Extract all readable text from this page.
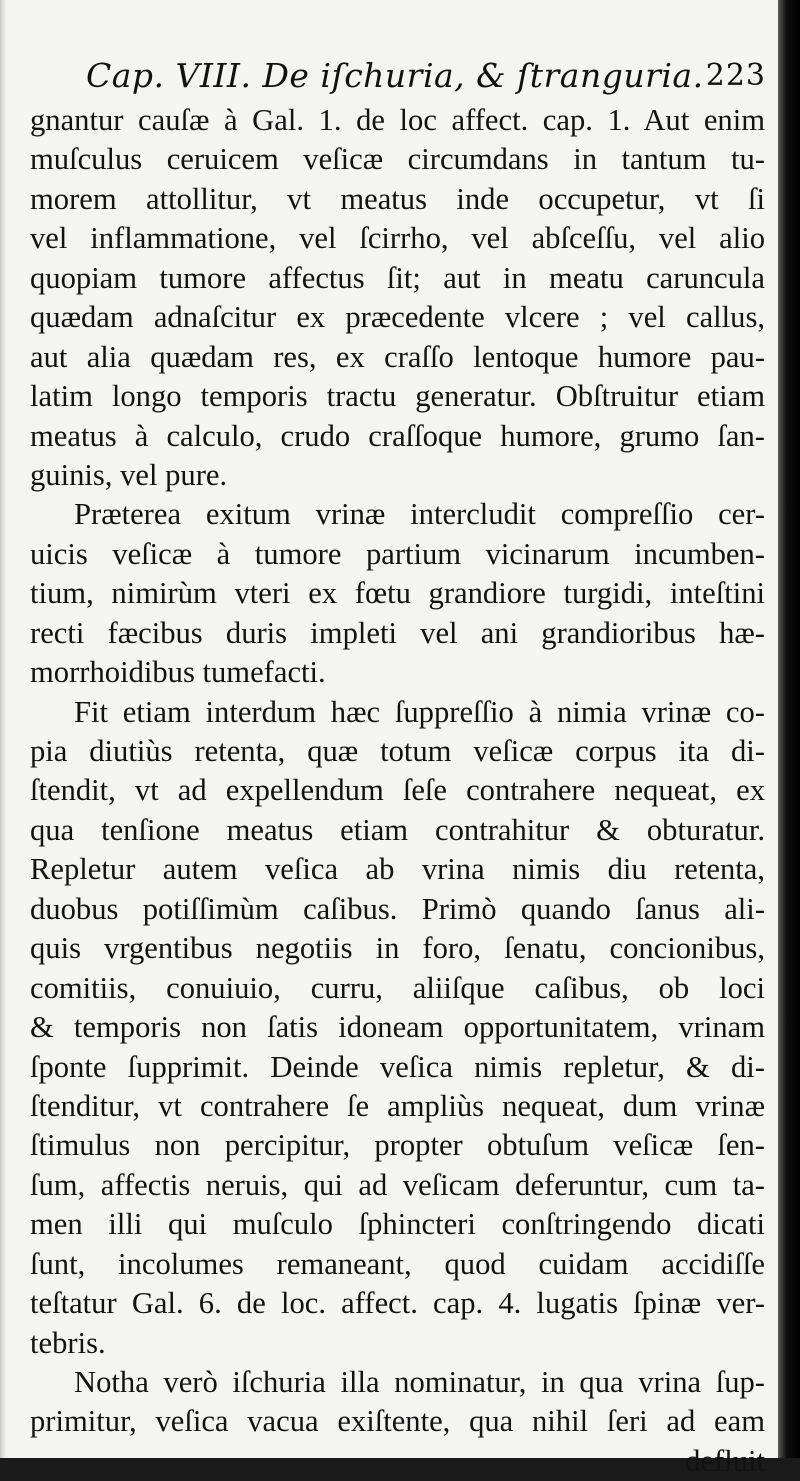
Cap. VIII. De iſchuria, & ſtranguria. 223
gnantur cauſæ à Gal. 1. de loc affect. cap. 1. Aut enim
muſculus ceruicem veſicæ circumdans in tantum tu-
morem attollitur, vt meatus inde occupetur, vt ſi
vel inflammatione, vel ſcirrho, vel abſceſſu, vel alio
quopiam tumore affectus ſit; aut in meatu caruncula
quædam adnaſcitur ex præcedente vlcere ; vel callus,
aut alia quædam res, ex craſſo lentoque humore pau-
latim longo temporis tractu generatur. Obſtruitur etiam
meatus à calculo, crudo craſſoque humore, grumo ſan-
guinis, vel pure.
Præterea exitum vrinæ intercludit compreſſio cer-
uicis veſicæ à tumore partium vicinarum incumben-
tium, nimirùm vteri ex fœtu grandiore turgidi, inteſtini
recti fæcibus duris impleti vel ani grandioribus hæ-
morrhoidibus tumefacti.
Fit etiam interdum hæc ſuppreſſio à nimia vrinæ co-
pia diutiùs retenta, quæ totum veſicæ corpus ita di-
ſtendit, vt ad expellendum ſeſe contrahere nequeat, ex
qua tenſione meatus etiam contrahitur & obturatur.
Repletur autem veſica ab vrina nimis diu retenta,
duobus potiſſimùm caſibus. Primò quando ſanus ali-
quis vrgentibus negotiis in foro, ſenatu, concionibus,
comitiis, conuiuio, curru, aliiſque caſibus, ob loci
& temporis non ſatis idoneam opportunitatem, vrinam
ſponte ſupprimit. Deinde veſica nimis repletur, & di-
ſtenditur, vt contrahere ſe ampliùs nequeat, dum vrinæ
ſtimulus non percipitur, propter obtuſum veſicæ ſen-
ſum, affectis neruis, qui ad veſicam deferuntur, cum ta-
men illi qui muſculo ſphincteri conſtringendo dicati
ſunt, incolumes remaneant, quod cuidam accidiſſe
teſtatur Gal. 6. de loc. affect. cap. 4. lugatis ſpinæ ver-
tebris.
Notha verò iſchuria illa nominatur, in qua vrina ſup-
primitur, veſica vacua exiſtente, qua nihil ſeri ad eam
defluit
